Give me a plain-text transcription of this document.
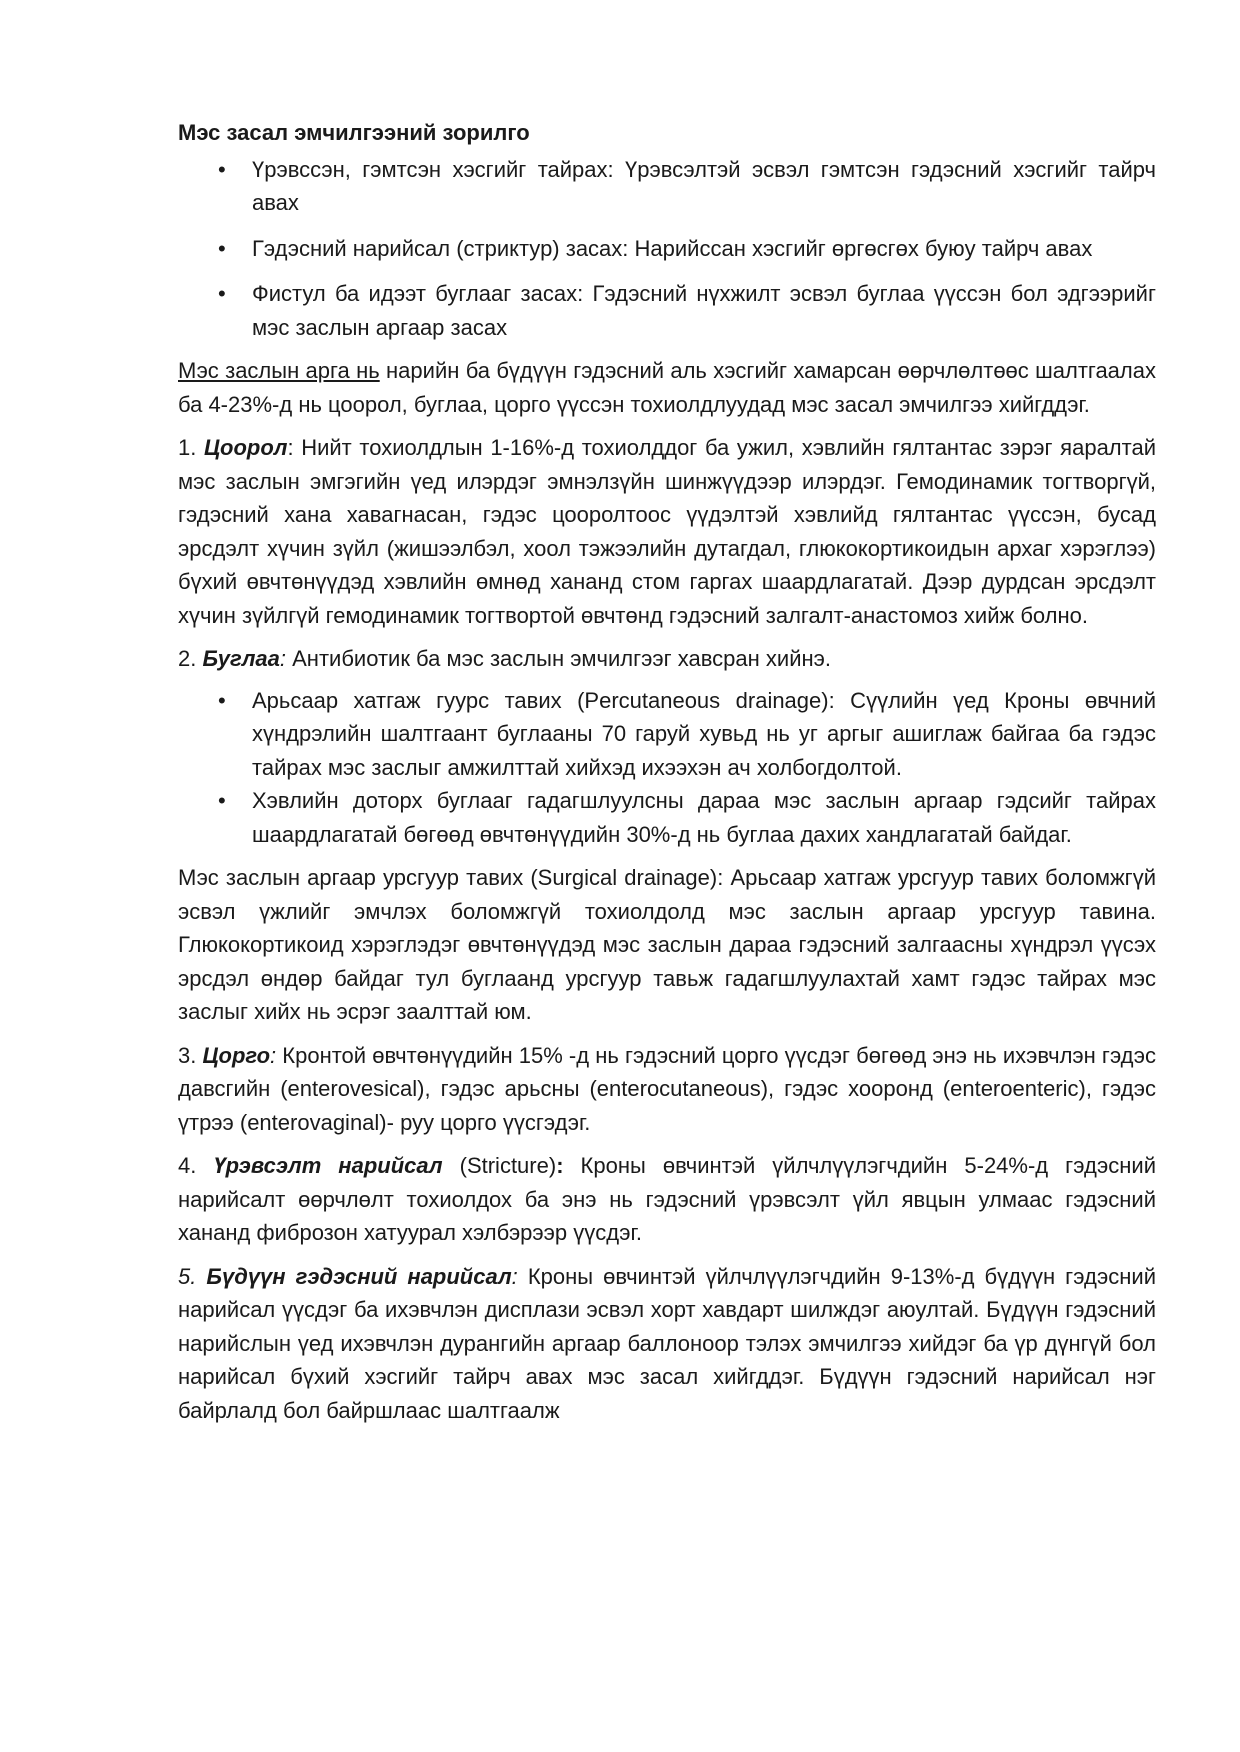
Мэс засал эмчилгээний зорилго
• Үрэвссэн, гэмтсэн хэсгийг тайрах: Үрэвсэлтэй эсвэл гэмтсэн гэдэсний хэсгийг тайрч авах
• Гэдэсний нарийсал (стриктур) засах: Нарийссан хэсгийг өргөсгөх буюу тайрч авах
• Фистул ба идээт буглааг засах: Гэдэсний нүхжилт эсвэл буглаа үүссэн бол эдгээрийг мэс заслын аргаар засах

Мэс заслын арга нь нарийн ба бүдүүн гэдэсний аль хэсгийг хамарсан өөрчлөлтөөс шалтгаалах ба 4-23%-д нь цоорол, буглаа, цорго үүссэн тохиолдлуудад мэс засал эмчилгээ хийгддэг.

1. Цоорол: Нийт тохиолдлын 1-16%-д тохиолддог ба ужил, хэвлийн гялтантас зэрэг яаралтай мэс заслын эмгэгийн үед илэрдэг эмнэлзүйн шинжүүдээр илэрдэг. Гемодинамик тогтворгүй, гэдэсний хана хавагнасан, гэдэс цооролтоос үүдэлтэй хэвлийд гялтантас үүссэн, бусад эрсдэлт хүчин зүйл (жишээлбэл, хоол тэжээлийн дутагдал, глюкокортикоидын архаг хэрэглээ) бүхий өвчтөнүүдэд хэвлийн өмнөд хананд стом гаргах шаардлагатай. Дээр дурдсан эрсдэлт хүчин зүйлгүй гемодинамик тогтвортой өвчтөнд гэдэсний залгалт-анастомоз хийж болно.

2. Буглаа: Антибиотик ба мэс заслын эмчилгээг хавсран хийнэ.

• Арьсаар хатгаж гуурс тавих (Percutaneous drainage): Сүүлийн үед Кроны өвчний хүндрэлийн шалтгаант буглааны 70 гаруй хувьд нь уг аргыг ашиглаж байгаа ба гэдэс тайрах мэс заслыг амжилттай хийхэд ихээхэн ач холбогдолтой.
• Хэвлийн доторх буглааг гадагшлуулсны дараа мэс заслын аргаар гэдсийг тайрах шаардлагатай бөгөөд өвчтөнүүдийн 30%-д нь буглаа дахих хандлагатай байдаг.

Мэс заслын аргаар урсгуур тавих (Surgical drainage): Арьсаар хатгаж урсгуур тавих боломжгүй эсвэл үжлийг эмчлэх боломжгүй тохиолдолд мэс заслын аргаар урсгуур тавина. Глюкокортикоид хэрэглэдэг өвчтөнүүдэд мэс заслын дараа гэдэсний залгаасны хүндрэл үүсэх эрсдэл өндөр байдаг тул буглаанд урсгуур тавьж гадагшлуулахтай хамт гэдэс тайрах мэс заслыг хийх нь эсрэг заалттай юм.

3. Цорго: Кронтой өвчтөнүүдийн 15% -д нь гэдэсний цорго үүсдэг бөгөөд энэ нь ихэвчлэн гэдэс давсгийн (enterovesical), гэдэс арьсны (enterocutaneous), гэдэс хооронд (enteroenteric), гэдэс үтрээ (enterovaginal)- руу цорго үүсгэдэг.

4. Үрэвсэлт нарийсал (Stricture): Кроны өвчинтэй үйлчлүүлэгчдийн 5-24%-д гэдэсний нарийсалт өөрчлөлт тохиолдох ба энэ нь гэдэсний үрэвсэлт үйл явцын улмаас гэдэсний хананд фиброзон хатуурал хэлбэрээр үүсдэг.

5. Бүдүүн гэдэсний нарийсал: Кроны өвчинтэй үйлчлүүлэгчдийн 9-13%-д бүдүүн гэдэсний нарийсал үүсдэг ба ихэвчлэн дисплази эсвэл хорт хавдарт шилждэг аюултай. Бүдүүн гэдэсний нарийслын үед ихэвчлэн дурангийн аргаар баллоноор тэлэх эмчилгээ хийдэг ба үр дүнгүй бол нарийсал бүхий хэсгийг тайрч авах мэс засал хийгддэг. Бүдүүн гэдэсний нарийсал нэг байрлалд бол байршлаас шалтгаалж
